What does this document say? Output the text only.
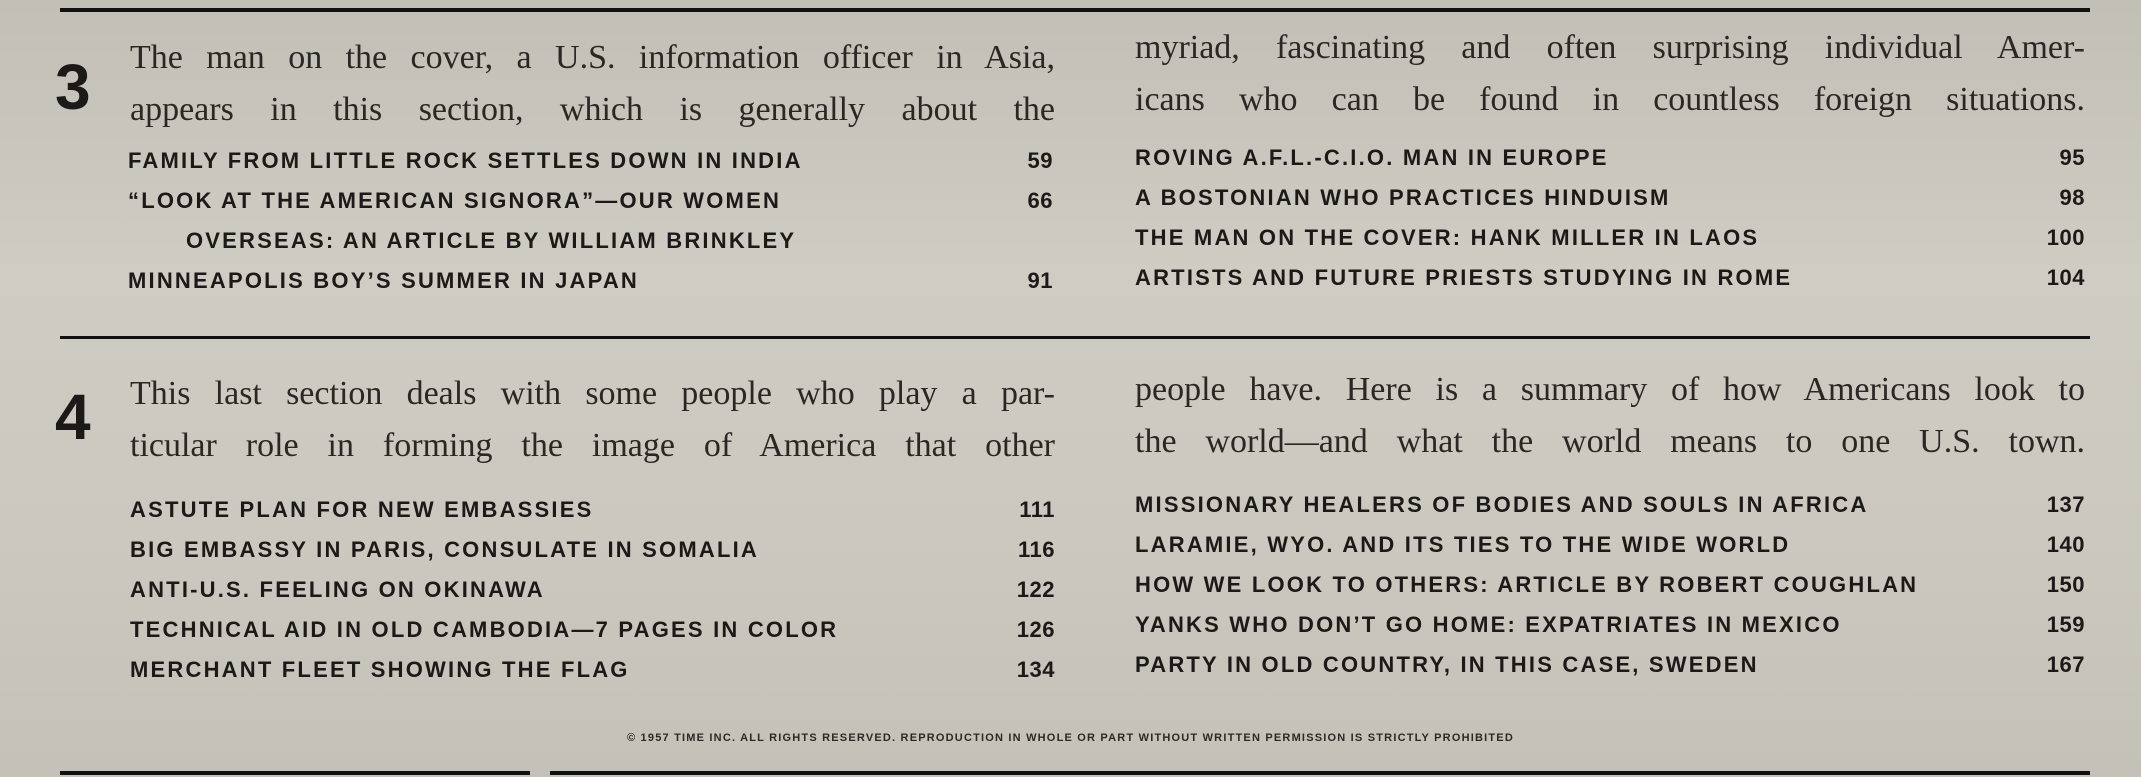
3 The man on the cover, a U.S. information officer in Asia,
appears in this section, which is generally about the
myriad, fascinating and often surprising individual Amer-
icans who can be found in countless foreign situations.
FAMILY FROM LITTLE ROCK SETTLES DOWN IN INDIA	59
“LOOK AT THE AMERICAN SIGNORA”—OUR WOMEN	66
OVERSEAS: AN ARTICLE BY WILLIAM BRINKLEY
MINNEAPOLIS BOY’S SUMMER IN JAPAN	91
ROVING A.F.L.-C.I.O. MAN IN EUROPE	95
A BOSTONIAN WHO PRACTICES HINDUISM	98
THE MAN ON THE COVER: HANK MILLER IN LAOS	100
ARTISTS AND FUTURE PRIESTS STUDYING IN ROME	104
4 This last section deals with some people who play a par-
ticular role in forming the image of America that other
people have. Here is a summary of how Americans look to
the world—and what the world means to one U.S. town.
ASTUTE PLAN FOR NEW EMBASSIES	111
BIG EMBASSY IN PARIS, CONSULATE IN SOMALIA	116
ANTI-U.S. FEELING ON OKINAWA	122
TECHNICAL AID IN OLD CAMBODIA—7 PAGES IN COLOR	126
MERCHANT FLEET SHOWING THE FLAG	134
MISSIONARY HEALERS OF BODIES AND SOULS IN AFRICA	137
LARAMIE, WYO. AND ITS TIES TO THE WIDE WORLD	140
HOW WE LOOK TO OTHERS: ARTICLE BY ROBERT COUGHLAN	150
YANKS WHO DON’T GO HOME: EXPATRIATES IN MEXICO	159
PARTY IN OLD COUNTRY, IN THIS CASE, SWEDEN	167
© 1957 TIME INC. ALL RIGHTS RESERVED. REPRODUCTION IN WHOLE OR PART WITHOUT WRITTEN PERMISSION IS STRICTLY PROHIBITED
